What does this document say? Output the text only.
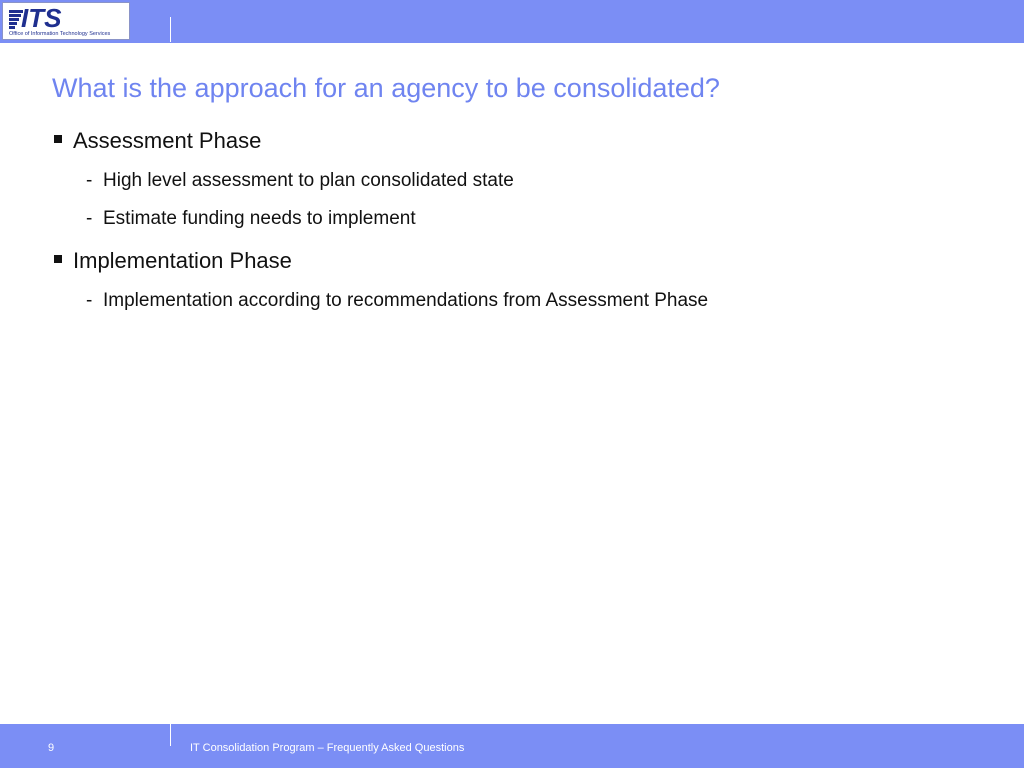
ITS
Office of Information Technology Services
What is the approach for an agency to be consolidated?
Assessment Phase
- High level assessment to plan consolidated state
- Estimate funding needs to implement
Implementation Phase
- Implementation according to recommendations from Assessment Phase
9	IT Consolidation Program – Frequently Asked Questions
